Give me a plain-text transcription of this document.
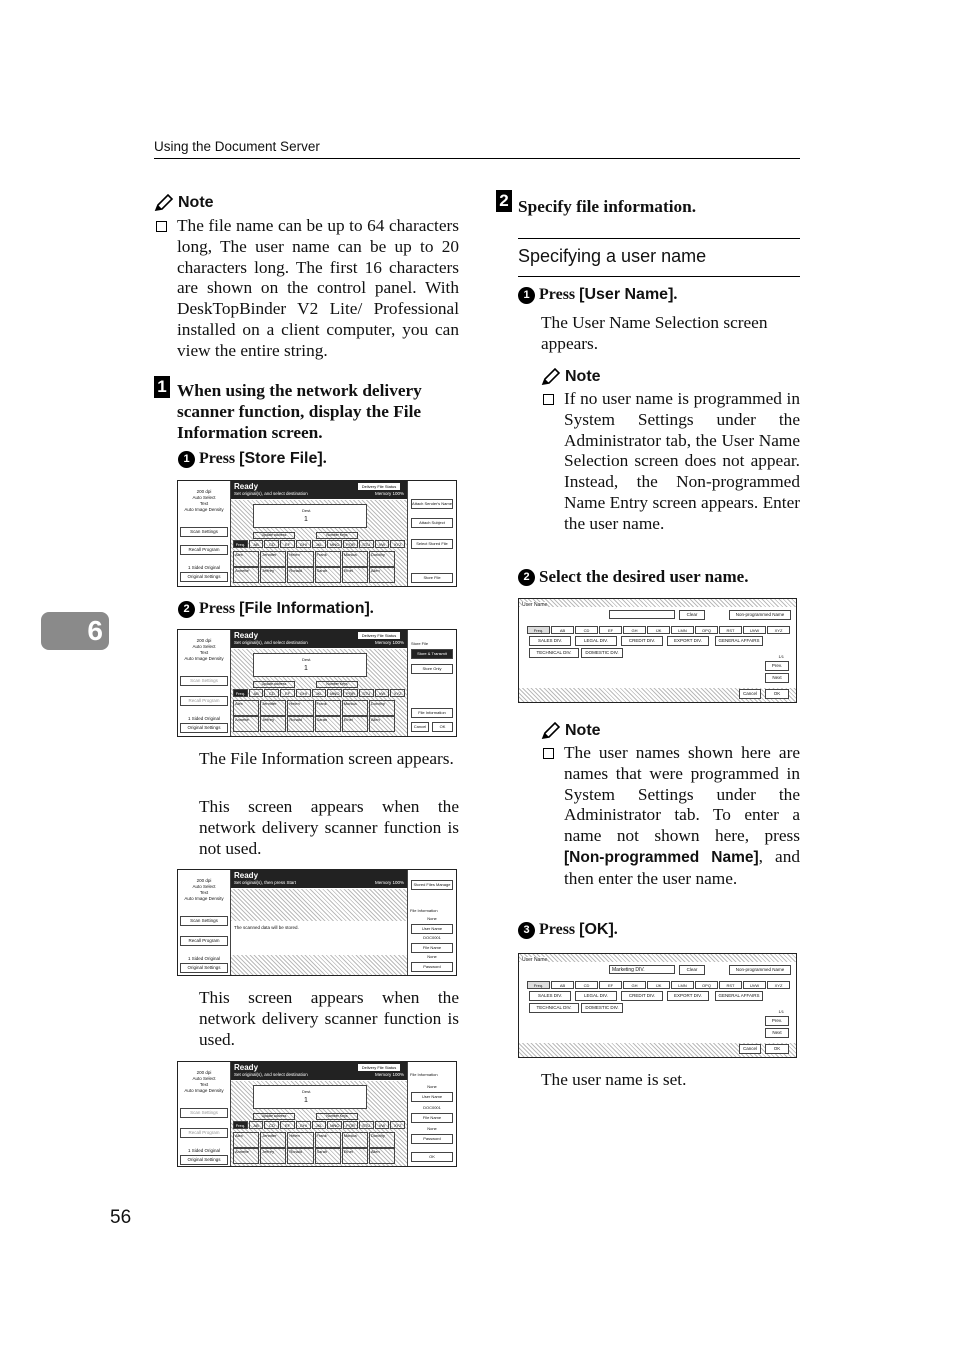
Using the Document Server
6
Note
The file name can be up to 64 characters long, The user name can be up to 20 characters long. The first 16 characters are shown on the control panel. With DeskTopBinder V2 Lite/ Professional installed on a client computer, you can view the entire string.
1 When using the network delivery scanner function, display the File Information screen.
1 Press [Store File].
200 dpi
Auto Select
Text
Auto Image Density
Scan Settings
Recall Program
1 Sided Original
Original Settings
Ready
Set original(s), and select destination
Delivery File Status
Memory 100%
Dest.
1
Update address	Number Keys
Freq.	AB	CD	EF	GHI	JKL	MNO	PQR	STU	VW	XYZ
Alex	Jennifer	Helen	Frank	Monica	Dorothy
Annette	Jeffrey	Ronald	Sarah	Ethel	Allen
Attach Sender's Name
Attach Subject
Select Stored File
Store File
2 Press [File Information].
200 dpi
Auto Select
Text
Auto Image Density
Scan Settings
Recall Program
1 Sided Original
Original Settings
Ready
Set original(s), and select destination
Delivery File Status
Memory 100%
Dest.
1
Update address	Number Keys
Freq.	AB	CD	EF	GHI	JKL	MNO	PQR	STU	VW	XYZ
Alex	Jennifer	Helen	Frank	Monica	Dorothy
Annette	Jeffrey	Ronald	Sarah	Ethel	Allen
Store File
Store & Transmit
Store Only
File Information
Cancel	OK
The File Information screen appears.
This screen appears when the network delivery scanner function is not used.
200 dpi
Auto Select
Text
Auto Image Density
Scan Settings
Recall Program
1 Sided Original
Original Settings
Ready
Set original(s), then press Start	Memory 100%
The scanned data will be stored.
Stored Files Manage
File Information
None
User Name
DOC0001
File Name
None
Password
This screen appears when the network delivery scanner function is used.
200 dpi
Auto Select
Text
Auto Image Density
Scan Settings
Recall Program
1 Sided Original
Original Settings
Ready
Set original(s), and select destination
Delivery File Status
Memory 100%
Dest.
1
Update address	Number Keys
Freq.	AB	CD	EF	GHI	JKL	MNO	PQR	STU	VW	XYZ
Alex	Jennifer	Helen	Frank	Monica	Dorothy
Annette	Jeffrey	Ronald	Sarah	Ethel	Allen
File Information
None
User Name
DOC0001
File Name
None
Password
OK
2 Specify file information.
Specifying a user name
1 Press [User Name].
The User Name Selection screen appears.
Note
If no user name is programmed in System Settings under the Administrator tab, the User Name Selection screen does not appear. Instead, the Non-programmed Name Entry screen appears. Enter the user name.
2 Select the desired user name.
User Name
Clear	Non-programmed Name
Freq.	AB	CD	EF	GH	IJK	LMN	OPQ	RST	UVW	XYZ
SALES DIV.	LEGAL DIV.	CREDIT DIV.	EXPORT DIV.	GENERAL AFFAIRS
TECHNICAL DIV.	DOMESTIC DIV.
1/1
Prev.
Next
Cancel	OK
Note
The user names shown here are names that were programmed in System Settings under the Administrator tab. To enter a name not shown here, press [Non-programmed Name], and then enter the user name.
3 Press [OK].
User Name
Marketing DIV.	Clear	Non-programmed Name
Freq.	AB	CD	EF	GH	IJK	LMN	OPQ	RST	UVW	XYZ
SALES DIV.	LEGAL DIV.	CREDIT DIV.	EXPORT DIV.	GENERAL AFFAIRS
TECHNICAL DIV.	DOMESTIC DIV.
1/1
Prev.
Next
Cancel	OK
The user name is set.
56
